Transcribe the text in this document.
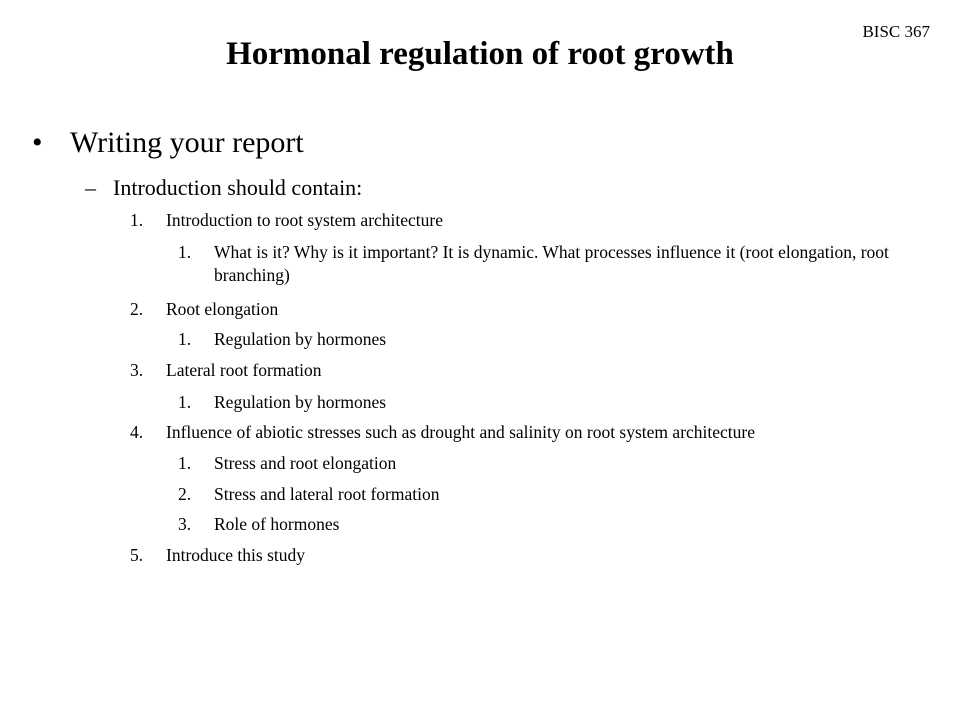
BISC 367
Hormonal regulation of root growth
• Writing your report
– Introduction should contain:
1.	Introduction to root system architecture
1.	What is it? Why is it important? It is dynamic. What processes influence it (root elongation, root branching)
2.	Root elongation
1.	Regulation by hormones
3.	Lateral root formation
1.	Regulation by hormones
4.	Influence of abiotic stresses such as drought and salinity on root system architecture
1.	Stress and root elongation
2.	Stress and lateral root formation
3.	Role of hormones
5.	Introduce this study
